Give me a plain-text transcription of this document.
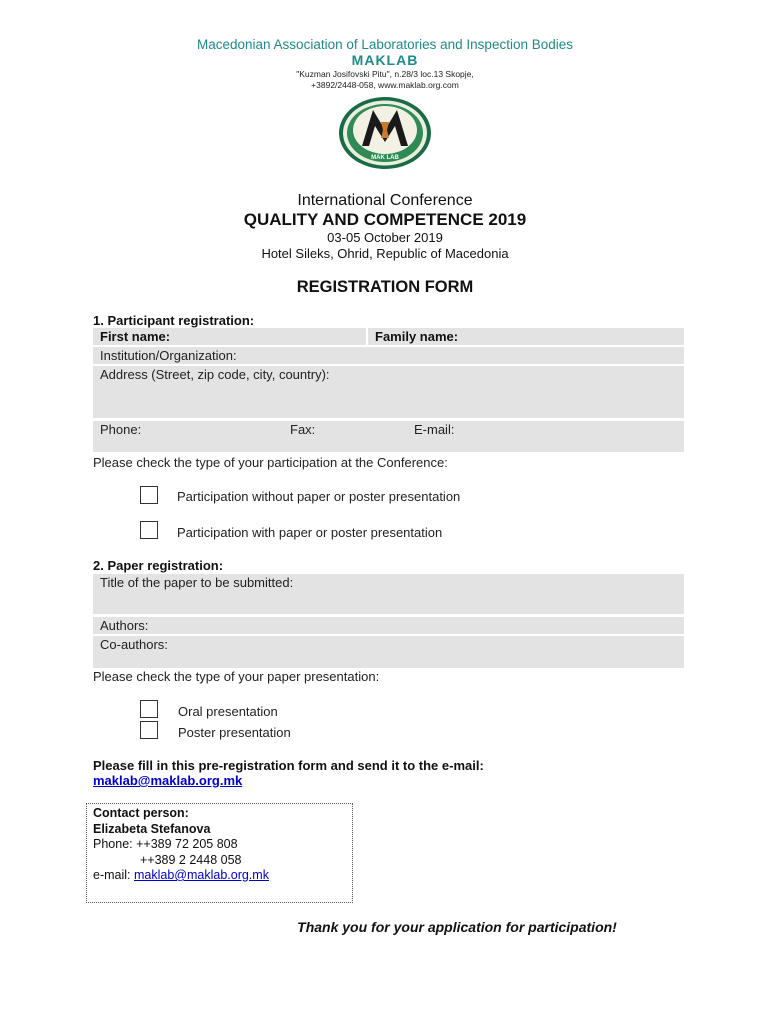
Macedonian Association of Laboratories and Inspection Bodies
MAKLAB
"Kuzman Josifovski Pitu", n.28/3 loc.13 Skopje,
+3892/2448-058, www.maklab.org.com
MAK LAB
International Conference
QUALITY AND COMPETENCE 2019
03-05 October 2019
Hotel Sileks, Ohrid, Republic of Macedonia
REGISTRATION FORM
1. Participant registration:
First name:	Family name:
Institution/Organization:
Address (Street, zip code, city, country):
Phone:	Fax:	E-mail:
Please check the type of your participation at the Conference:
Participation without paper or poster presentation
Participation with paper or poster presentation
2. Paper registration:
Title of the paper to be submitted:
Authors:
Co-authors:
Please check the type of your paper presentation:
Oral presentation
Poster presentation
Please fill in this pre-registration form and send it to the e-mail:
maklab@maklab.org.mk
Contact person:
Elizabeta Stefanova
Phone: ++389 72 205 808
++389 2 2448 058
e-mail: maklab@maklab.org.mk
Thank you for your application for participation!
